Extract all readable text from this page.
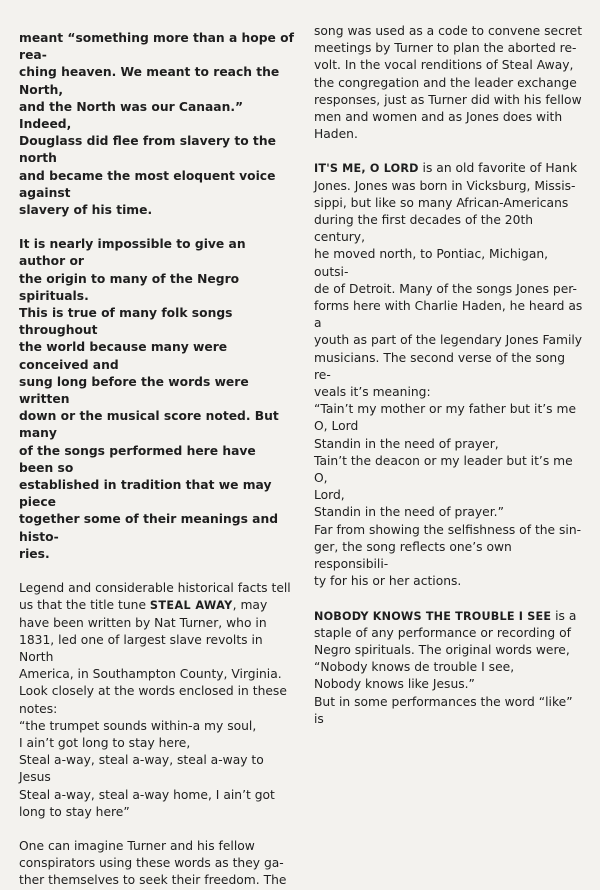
meant “something more than a hope of rea-

ching heaven. We meant to reach the North,

and the North was our Canaan.” Indeed,

Douglass did flee from slavery to the north

and became the most eloquent voice against

slavery of his time.

It is nearly impossible to give an author or

the origin to many of the Negro spirituals.

This is true of many folk songs throughout

the world because many were conceived and

sung long before the words were written

down or the musical score noted. But many

of the songs performed here have been so

established in tradition that we may piece

together some of their meanings and histo-

ries.

Legend and considerable historical facts tell

us that the title tune STEAL AWAY, may

have been written by Nat Turner, who in

1831, led one of largest slave revolts in North

America, in Southampton County, Virginia.

Look closely at the words enclosed in these

notes:

“the trumpet sounds within-a my soul,

I ain’t got long to stay here,

Steal a-way, steal a-way, steal a-way to Jesus

Steal a-way, steal a-way home, I ain’t got

long to stay here”

One can imagine Turner and his fellow

conspirators using these words as they ga-

ther themselves to seek their freedom. The

song was used as a code to convene secret

meetings by Turner to plan the aborted re-

volt. In the vocal renditions of Steal Away,

the congregation and the leader exchange

responses, just as Turner did with his fellow

men and women and as Jones does with

Haden.

IT'S ME, O LORD is an old favorite of Hank

Jones. Jones was born in Vicksburg, Missis-

sippi, but like so many African-Americans

during the first decades of the 20th century,

he moved north, to Pontiac, Michigan, outsi-

de of Detroit. Many of the songs Jones per-

forms here with Charlie Haden, he heard as a

youth as part of the legendary Jones Family

musicians. The second verse of the song re-

veals it’s meaning:

“Tain’t my mother or my father but it’s me

O, Lord

Standin in the need of prayer,

Tain’t the deacon or my leader but it’s me O,

Lord,

Standin in the need of prayer.”

Far from showing the selfishness of the sin-

ger, the song reflects one’s own responsibili-

ty for his or her actions.

NOBODY KNOWS THE TROUBLE I SEE is a

staple of any performance or recording of

Negro spirituals. The original words were,

“Nobody knows de trouble I see,

Nobody knows like Jesus.”

But in some performances the word “like” is
